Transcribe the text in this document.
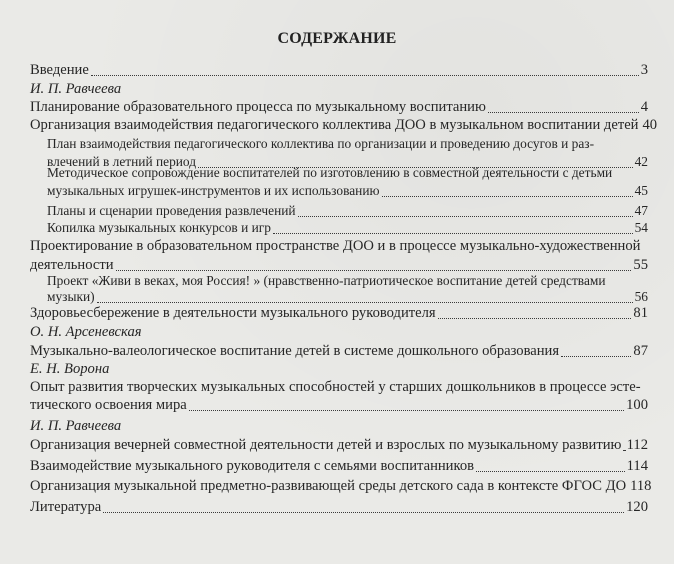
СОДЕРЖАНИЕ
Введение	3
И. П. Равчеева
Планирование образовательного процесса по музыкальному воспитанию	4
Организация взаимодействия педагогического коллектива ДОО в музыкальном воспитании детей 40
План взаимодействия педагогического коллектива по организации и проведению досугов и раз-
влечений в летний период	42
Методическое сопровождение воспитателей по изготовлению в совместной деятельности с детьми
музыкальных игрушек-инструментов и их использованию	45
Планы и сценарии проведения развлечений	47
Копилка музыкальных конкурсов и игр	54
Проектирование в образовательном пространстве ДОО и в процессе музыкально-художественной
деятельности	55
Проект «Живи в веках, моя Россия! » (нравственно-патриотическое воспитание детей средствами
музыки)	56
Здоровьесбережение в деятельности музыкального руководителя	81
О. Н. Арсеневская
Музыкально-валеологическое воспитание детей в системе дошкольного образования	87
Е. Н. Ворона
Опыт развития творческих музыкальных способностей у старших дошкольников в процессе эсте-
тического освоения мира	100
И. П. Равчеева
Организация вечерней совместной деятельности детей и взрослых по музыкальному развитию 112
Взаимодействие музыкального руководителя с семьями воспитанников	114
Организация музыкальной предметно-развивающей среды детского сада в контексте ФГОС ДО 118
Литература	120
